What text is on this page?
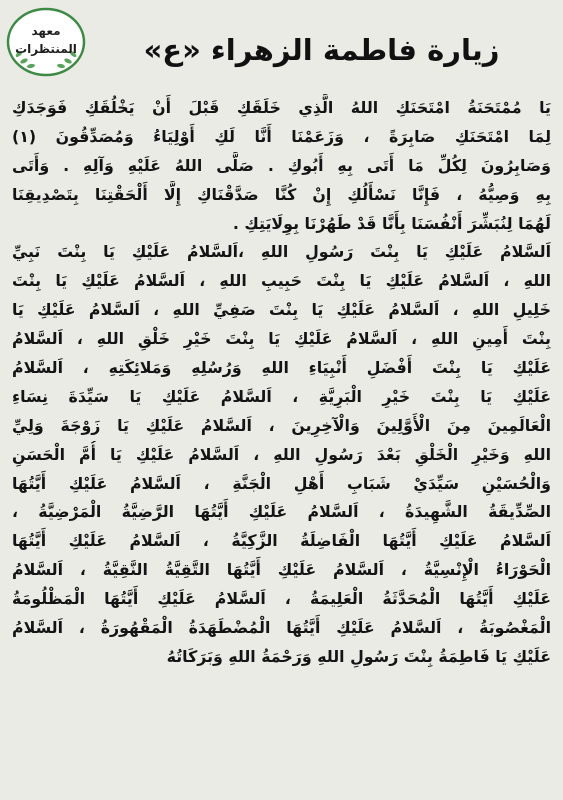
معهد
المنتظرات	زيارة فاطمة الزهراء «ع»
يَا مُمْتَحَنَةُ امْتَحَنَكِ اللهُ الَّذِي خَلَقَكِ قَبْلَ أَنْ يَخْلُقَكِ فَوَجَدَكِ
لِمَا امْتَحَنَكِ صَابِرَةً ، وَزَعَمْنَا أَنَّا لَكِ أَوْلِيَاءُ وَمُصَدِّقُونَ (١)
وَصَابِرُونَ لِكُلِّ مَا أَتَى بِهِ أَبُوكِ . صَلَّى اللهُ عَلَيْهِ وَآلِهِ . وَأَتَى
بِهِ وَصِيُّهُ ، فَإِنَّا نَسْأَلُكِ إِنْ كُنَّا صَدَّقْنَاكِ إِلَّا أَلْحَقْتِنَا بِتَصْدِيقِنَا
لَهُمَا لِنُبَشِّرَ أَنْفُسَنَا بِأَنَّا قَدْ طَهُرْنَا بِوِلَايَتِكِ .
اَلسَّلامُ عَلَيْكِ يَا بِنْتَ رَسُولِ اللهِ ،اَلسَّلامُ عَلَيْكِ يَا بِنْتَ نَبِيِّ
اللهِ ، اَلسَّلامُ عَلَيْكِ يَا بِنْتَ حَبِيبِ اللهِ ، اَلسَّلامُ عَلَيْكِ يَا بِنْتَ
خَلِيلِ اللهِ ، اَلسَّلامُ عَلَيْكِ يَا بِنْتَ صَفِيِّ اللهِ ، اَلسَّلامُ عَلَيْكِ يَا
بِنْتَ أَمِينِ اللهِ ، اَلسَّلامُ عَلَيْكِ يَا بِنْتَ خَيْرِ خَلْقِ اللهِ ، اَلسَّلامُ
عَلَيْكِ يَا بِنْتَ أَفْضَلِ أَنْبِيَاءِ اللهِ وَرُسُلِهِ وَمَلائِكَتِهِ ، اَلسَّلامُ
عَلَيْكِ يَا بِنْتَ خَيْرِ الْبَرِيَّةِ ، اَلسَّلامُ عَلَيْكِ يَا سَيِّدَةَ نِسَاءِ
الْعَالَمِينَ مِنَ الْأَوَّلِينَ وَالْآخِرِينَ ، اَلسَّلامُ عَلَيْكِ يَا زَوْجَةَ وَلِيِّ
اللهِ وَخَيْرِ الْخَلْقِ بَعْدَ رَسُولِ اللهِ ، اَلسَّلامُ عَلَيْكِ يَا أُمَّ الْحَسَنِ
وَالْحُسَيْنِ سَيِّدَيْ شَبَابِ أَهْلِ الْجَنَّةِ ، اَلسَّلامُ عَلَيْكِ أَيَّتُهَا
الصِّدِّيقَةُ الشَّهِيدَةُ ، اَلسَّلامُ عَلَيْكِ أَيَّتُهَا الرَّضِيَّةُ الْمَرْضِيَّةُ ،
اَلسَّلامُ عَلَيْكِ أَيَّتُهَا الْفَاضِلَةُ الزَّكِيَّةُ ، اَلسَّلامُ عَلَيْكِ أَيَّتُهَا
الْحَوْرَاءُ الْإِنْسِيَّةُ ، اَلسَّلامُ عَلَيْكِ أَيَّتُهَا التَّقِيَّةُ النَّقِيَّةُ ، اَلسَّلامُ
عَلَيْكِ أَيَّتُهَا الْمُحَدَّثَةُ الْعَلِيمَةُ ، اَلسَّلامُ عَلَيْكِ أَيَّتُهَا الْمَظْلُومَةُ
الْمَغْصُوبَةُ ، اَلسَّلامُ عَلَيْكِ أَيَّتُهَا الْمُضْطَهَدَةُ الْمَقْهُورَةُ ، اَلسَّلامُ
عَلَيْكِ يَا فَاطِمَةُ بِنْتَ رَسُولِ اللهِ وَرَحْمَةُ اللهِ وَبَرَكَاتُهُ
